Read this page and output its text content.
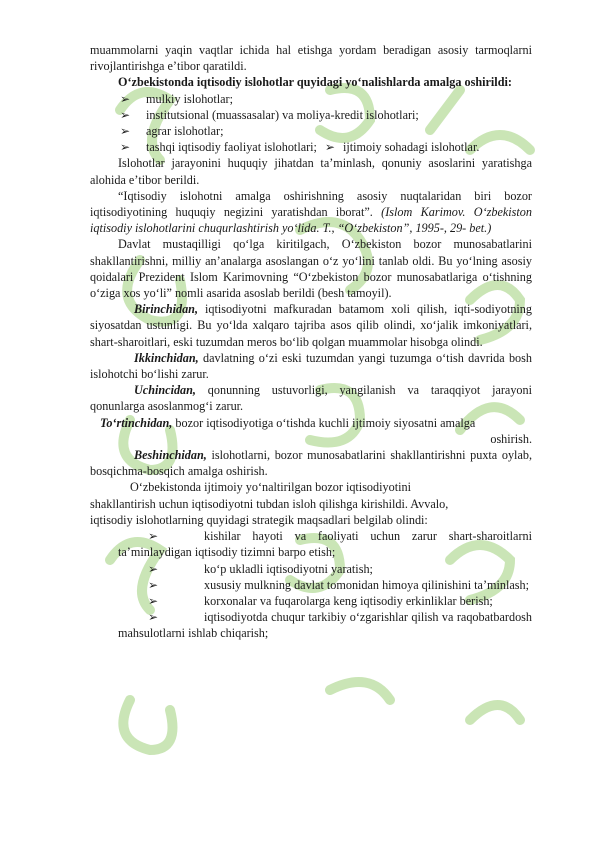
muammolarni yaqin vaqtlar ichida hal etishga yordam beradigan asosiy tarmoqlarni rivojlantirishga eʼtibor qaratildi.

Oʻzbekistonda iqtisodiy islohotlar quyidagi yoʻnalishlarda amalga oshirildi:

➢ mulkiy islohotlar;
➢ institutsional (muassasalar) va moliya-kredit islohotlari;
➢ agrar islohotlar;
➢ tashqi iqtisodiy faoliyat islohotlari; ➢ ijtimoiy sohadagi islohotlar.

Islohotlar jarayonini huquqiy jihatdan taʼminlash, qonuniy asoslarini yaratishga alohida eʼtibor berildi.

“Iqtisodiy islohotni amalga oshirishning asosiy nuqtalaridan biri bozor iqtisodiyotining huquqiy negizini yaratishdan iborat”. (Islom Karimov. Oʻzbekiston iqtisodiy islohotlarini chuqurlashtirish yoʻlida. T., “Oʻzbekiston”, 1995-, 29- bet.)

Davlat mustaqilligi qoʻlga kiritilgach, Oʻzbekiston bozor munosabatlarini shakllantirishni, milliy anʼanalarga asoslangan oʻz yoʻlini tanlab oldi. Bu yoʻlning asosiy qoidalari Prezident Islom Karimovning “Oʻzbekiston bozor munosabatlariga oʻtishning oʻziga xos yoʻli” nomli asarida asoslab berildi (besh tamoyil).

Birinchidan, iqtisodiyotni mafkuradan batamom xoli qilish, iqti-sodiyotning siyosatdan ustunligi. Bu yoʻlda xalqaro tajriba asos qilib olindi, xoʻjalik imkoniyatlari, shart-sharoitlari, eski tuzumdan meros boʻlib qolgan muammolar hisobga olindi.

Ikkinchidan, davlatning oʻzi eski tuzumdan yangi tuzumga oʻtish davrida bosh islohotchi boʻlishi zarur.

Uchincidan, qonunning ustuvorligi, yangilanish va taraqqiyot jarayoni qonunlarga asoslanmogʻi zarur.

Toʻrtinchidan, bozor iqtisodiyotiga oʻtishda kuchli ijtimoiy siyosatni amalga

oshirish.

Beshinchidan, islohotlarni, bozor munosabatlarini shakllantirishni puxta oylab, bosqichma-bosqich amalga oshirish.

Oʻzbekistonda ijtimoiy yoʻnaltirilgan bozor iqtisodiyotini

shakllantirish uchun iqtisodiyotni tubdan isloh qilishga kirishildi. Avvalo,

iqtisodiy islohotlarning quyidagi strategik maqsadlari belgilab olindi:

➢	kishilar hayoti va faoliyati uchun zarur shart-sharoitlarni taʼminlaydigan iqtisodiy tizimni barpo etish;
➢	koʻp ukladli iqtisodiyotni yaratish;
➢	xususiy mulkning davlat tomonidan himoya qilinishini taʼminlash;
➢	korxonalar va fuqarolarga keng iqtisodiy erkinliklar berish;
➢	iqtisodiyotda chuqur tarkibiy oʻzgarishlar qilish va raqobatbardosh mahsulotlarni ishlab chiqarish;
